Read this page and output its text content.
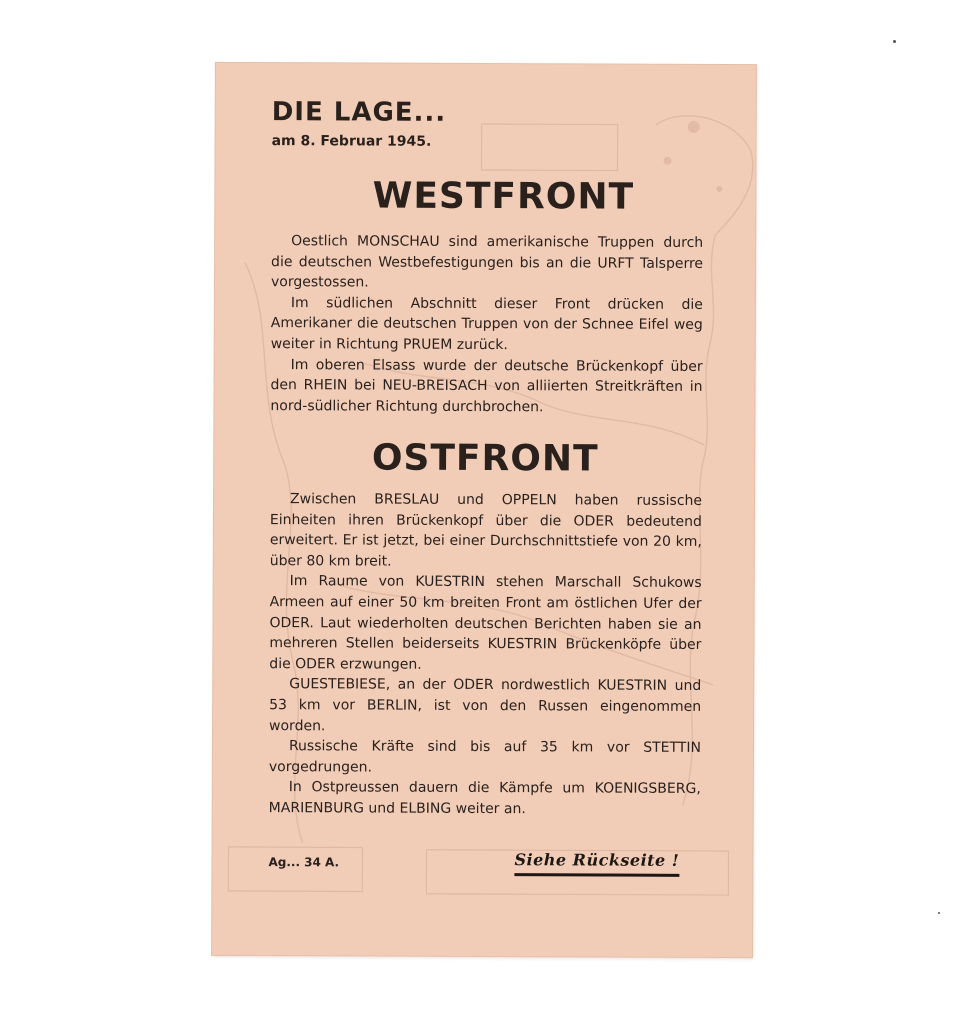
DIE LAGE...
am 8. Februar 1945.
WESTFRONT

Oestlich MONSCHAU sind amerikanische Truppen durch die deutschen Westbefestigungen bis an die URFT Talsperre vorgestossen.

Im südlichen Abschnitt dieser Front drücken die Amerikaner die deutschen Truppen von der Schnee Eifel weg weiter in Richtung PRUEM zurück.

Im oberen Elsass wurde der deutsche Brückenkopf über den RHEIN bei NEU-BREISACH von alliierten Streitkräften in nord-südlicher Richtung durchbrochen.

OSTFRONT

Zwischen BRESLAU und OPPELN haben russische Einheiten ihren Brückenkopf über die ODER bedeutend erweitert. Er ist jetzt, bei einer Durchschnittstiefe von 20 km, über 80 km breit.

Im Raume von KUESTRIN stehen Marschall Schukows Armeen auf einer 50 km breiten Front am östlichen Ufer der ODER. Laut wiederholten deutschen Berichten haben sie an mehreren Stellen beiderseits KUESTRIN Brückenköpfe über die ODER erzwungen.

GUESTEBIESE, an der ODER nordwestlich KUESTRIN und 53 km vor BERLIN, ist von den Russen eingenommen worden.

Russische Kräfte sind bis auf 35 km vor STETTIN vorgedrungen.

In Ostpreussen dauern die Kämpfe um KOENIGSBERG, MARIENBURG und ELBING weiter an.

Ag... 34 A.	Siehe Rückseite !
